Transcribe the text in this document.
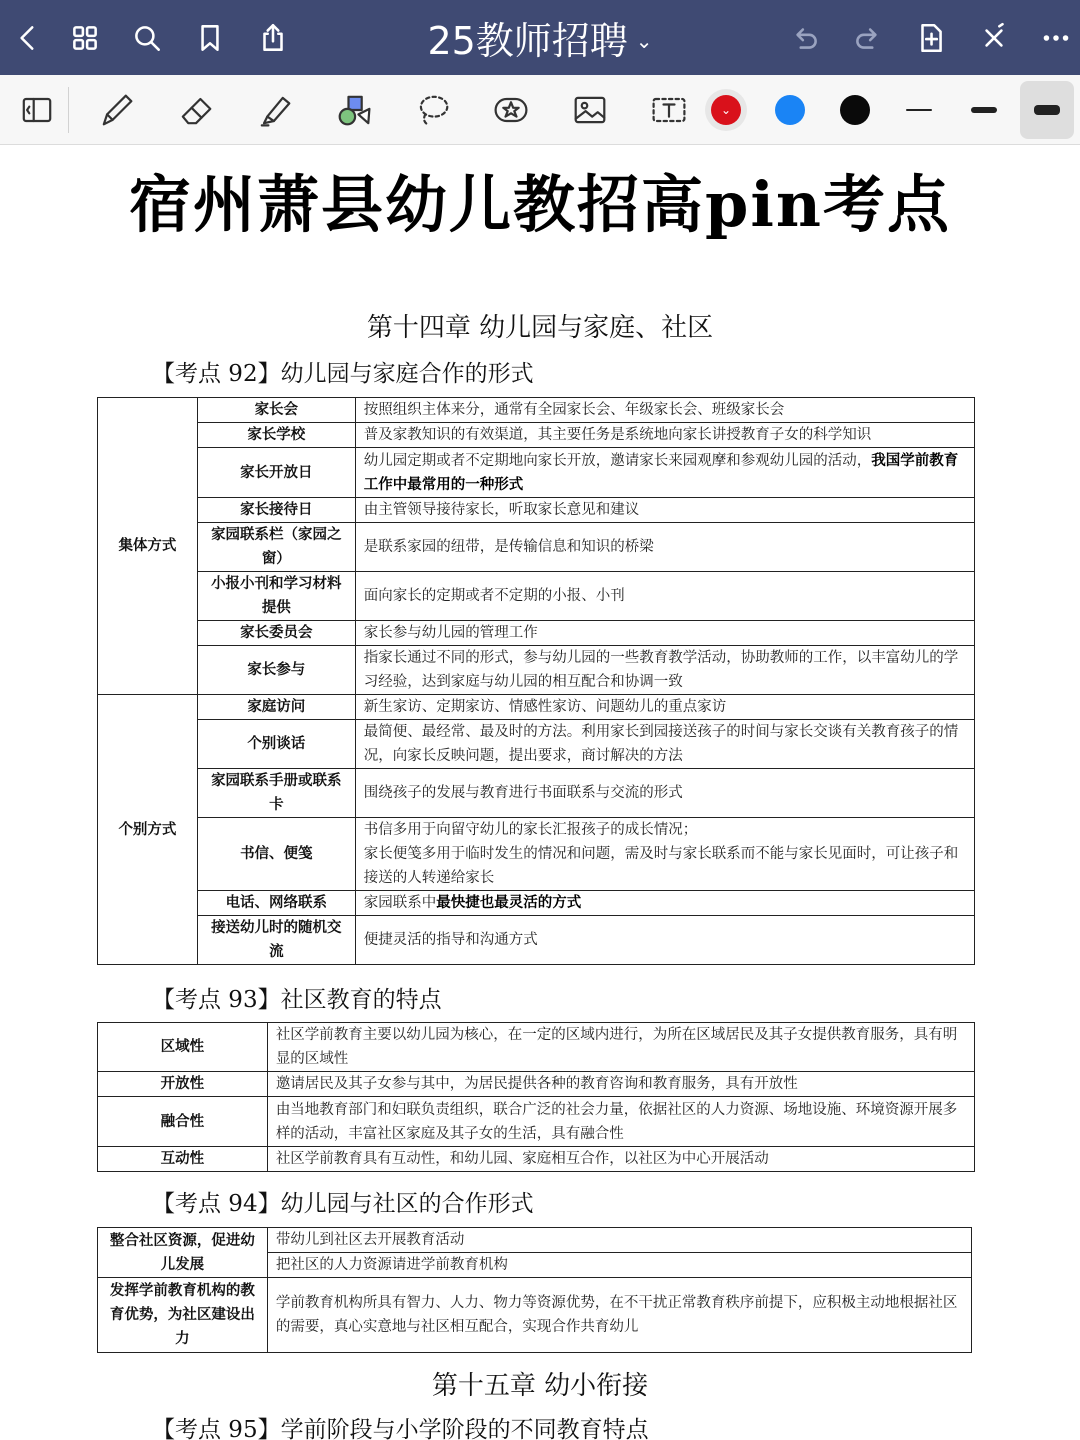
25教师招聘 ⌄
⌄
宿州萧县幼儿教招高pin考点
第十四章 幼儿园与家庭、社区
【考点 92】幼儿园与家庭合作的形式
集体方式	家长会	按照组织主体来分，通常有全园家长会、年级家长会、班级家长会
	家长学校	普及家教知识的有效渠道，其主要任务是系统地向家长讲授教育子女的科学知识
	家长开放日	幼儿园定期或者不定期地向家长开放，邀请家长来园观摩和参观幼儿园的活动，我国学前教育工作中最常用的一种形式
	家长接待日	由主管领导接待家长，听取家长意见和建议
	家园联系栏（家园之窗）	是联系家园的纽带，是传输信息和知识的桥梁
	小报小刊和学习材料提供	面向家长的定期或者不定期的小报、小刊
	家长委员会	家长参与幼儿园的管理工作
	家长参与	指家长通过不同的形式，参与幼儿园的一些教育教学活动，协助教师的工作，以丰富幼儿的学习经验，达到家庭与幼儿园的相互配合和协调一致
个别方式	家庭访问	新生家访、定期家访、情感性家访、问题幼儿的重点家访
	个别谈话	最简便、最经常、最及时的方法。利用家长到园接送孩子的时间与家长交谈有关教育孩子的情况，向家长反映问题，提出要求，商讨解决的方法
	家园联系手册或联系卡	围绕孩子的发展与教育进行书面联系与交流的形式
	书信、便笺	书信多用于向留守幼儿的家长汇报孩子的成长情况；
家长便笺多用于临时发生的情况和问题，需及时与家长联系而不能与家长见面时，可让孩子和接送的人转递给家长
	电话、网络联系	家园联系中最快捷也最灵活的方式
	接送幼儿时的随机交流	便捷灵活的指导和沟通方式
【考点 93】社区教育的特点
区域性	社区学前教育主要以幼儿园为核心，在一定的区域内进行，为所在区域居民及其子女提供教育服务，具有明显的区域性
开放性	邀请居民及其子女参与其中，为居民提供各种的教育咨询和教育服务，具有开放性
融合性	由当地教育部门和妇联负责组织，联合广泛的社会力量，依据社区的人力资源、场地设施、环境资源开展多样的活动，丰富社区家庭及其子女的生活，具有融合性
互动性	社区学前教育具有互动性，和幼儿园、家庭相互合作，以社区为中心开展活动
【考点 94】幼儿园与社区的合作形式
整合社区资源，促进幼儿发展	带幼儿到社区去开展教育活动
	把社区的人力资源请进学前教育机构
发挥学前教育机构的教育优势，为社区建设出力	学前教育机构所具有智力、人力、物力等资源优势，在不干扰正常教育秩序前提下，应积极主动地根据社区的需要，真心实意地与社区相互配合，实现合作共育幼儿
第十五章 幼小衔接
【考点 95】学前阶段与小学阶段的不同教育特点
